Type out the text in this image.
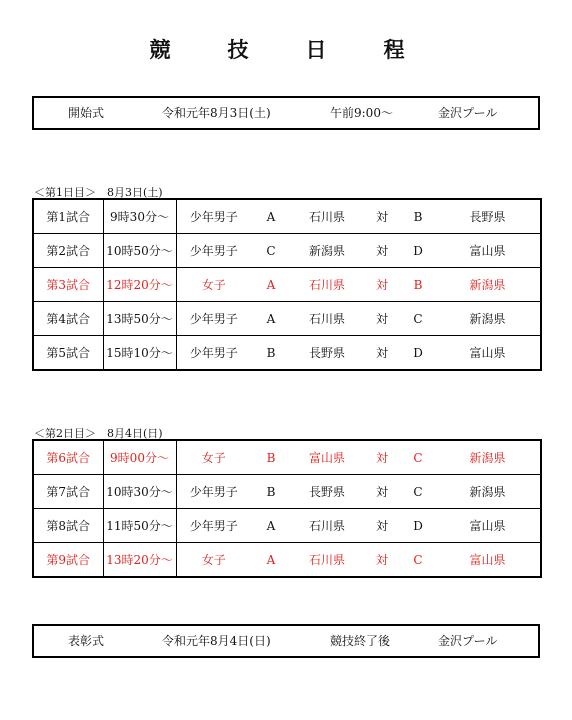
競　技　日　程
開始式	令和元年8月3日(土)	午前9:00～	金沢プール
＜第1日目＞　8月3日(土)
第1試合	9時30分～	少年男子	A	石川県	対	B	長野県
第2試合	10時50分～	少年男子	C	新潟県	対	D	富山県
第3試合	12時20分～	女子	A	石川県	対	B	新潟県
第4試合	13時50分～	少年男子	A	石川県	対	C	新潟県
第5試合	15時10分～	少年男子	B	長野県	対	D	富山県
＜第2日目＞　8月4日(日)
第6試合	9時00分～	女子	B	富山県	対	C	新潟県
第7試合	10時30分～	少年男子	B	長野県	対	C	新潟県
第8試合	11時50分～	少年男子	A	石川県	対	D	富山県
第9試合	13時20分～	女子	A	石川県	対	C	富山県
表彰式	令和元年8月4日(日)	競技終了後	金沢プール
